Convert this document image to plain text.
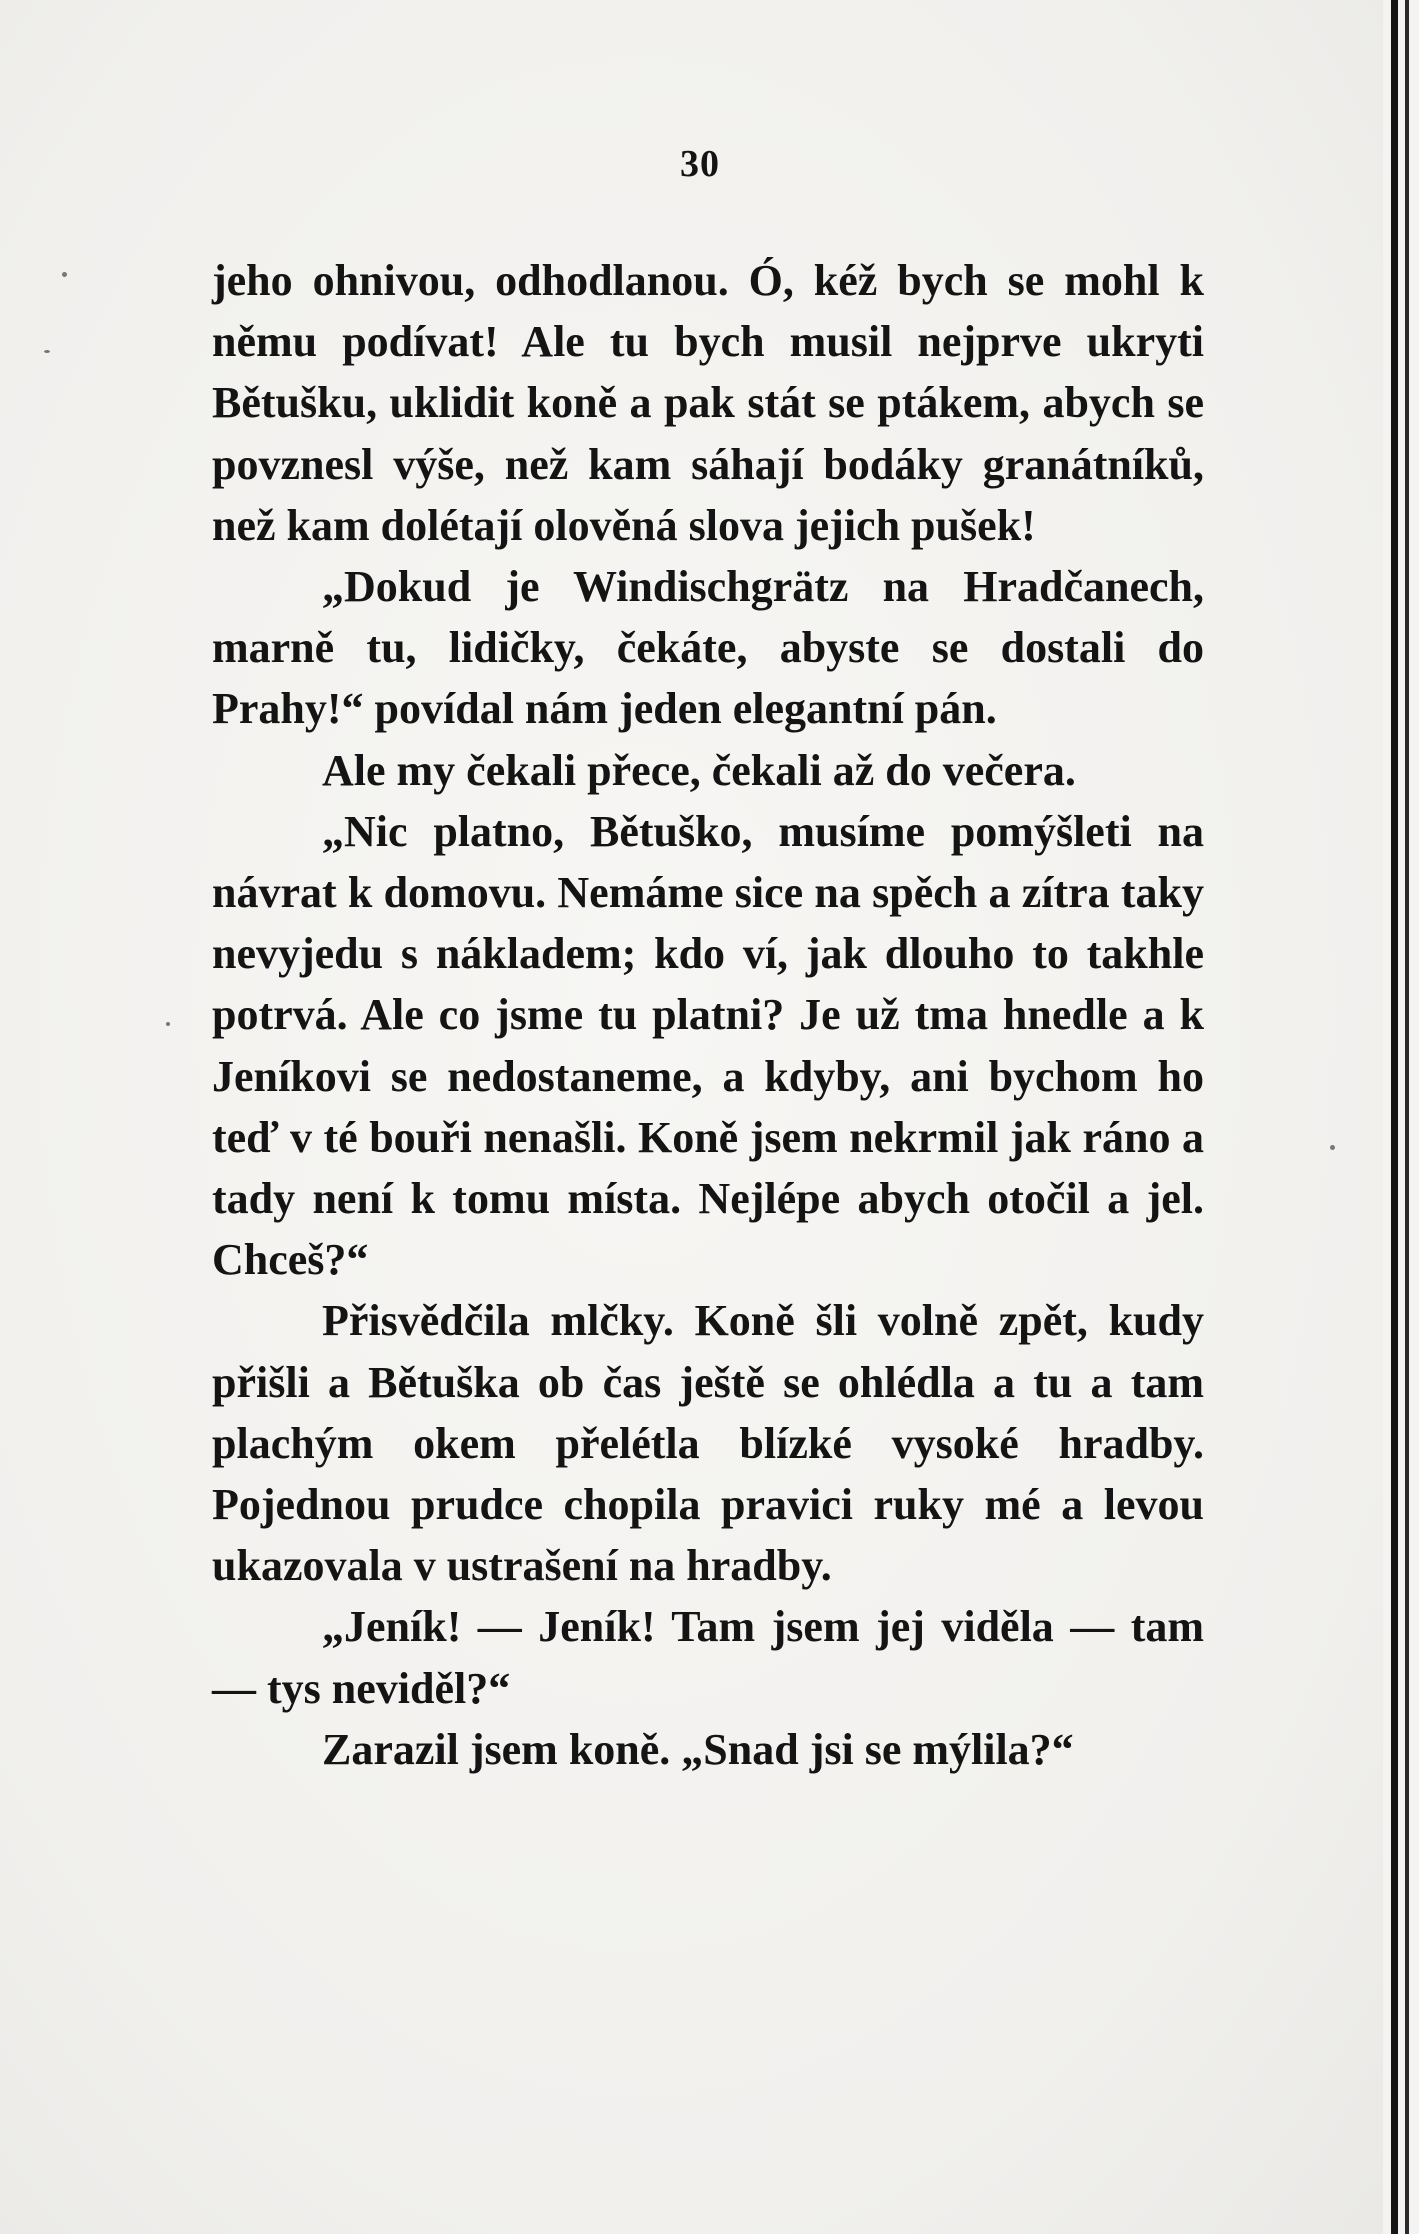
30

jeho ohnivou, odhodlanou. Ó, kéž bych se mohl k němu podívat! Ale tu bych musil nejprve ukryti Bětušku, uklidit koně a pak stát se ptákem, abych se povznesl výše, než kam sáhají bodáky granátníků, než kam dolétají olověná slova jejich pušek!

„Dokud je Windischgrätz na Hradčanech, marně tu, lidičky, čekáte, abyste se dostali do Prahy!“ povídal nám jeden elegantní pán.

Ale my čekali přece, čekali až do večera.

„Nic platno, Bětuško, musíme pomýšleti na návrat k domovu. Nemáme sice na spěch a zítra taky nevyjedu s nákladem; kdo ví, jak dlouho to takhle potrvá. Ale co jsme tu platni? Je už tma hnedle a k Jeníkovi se nedostaneme, a kdyby, ani bychom ho teď v té bouři nenašli. Koně jsem nekrmil jak ráno a tady není k tomu místa. Nejlépe abych otočil a jel. Chceš?“

Přisvědčila mlčky. Koně šli volně zpět, kudy přišli a Bětuška ob čas ještě se ohlédla a tu a tam plachým okem přelétla blízké vysoké hradby. Pojednou prudce chopila pravici ruky mé a levou ukazovala v ustrašení na hradby.

„Jeník! — Jeník! Tam jsem jej viděla — tam — tys neviděl?“

Zarazil jsem koně. „Snad jsi se mýlila?“
